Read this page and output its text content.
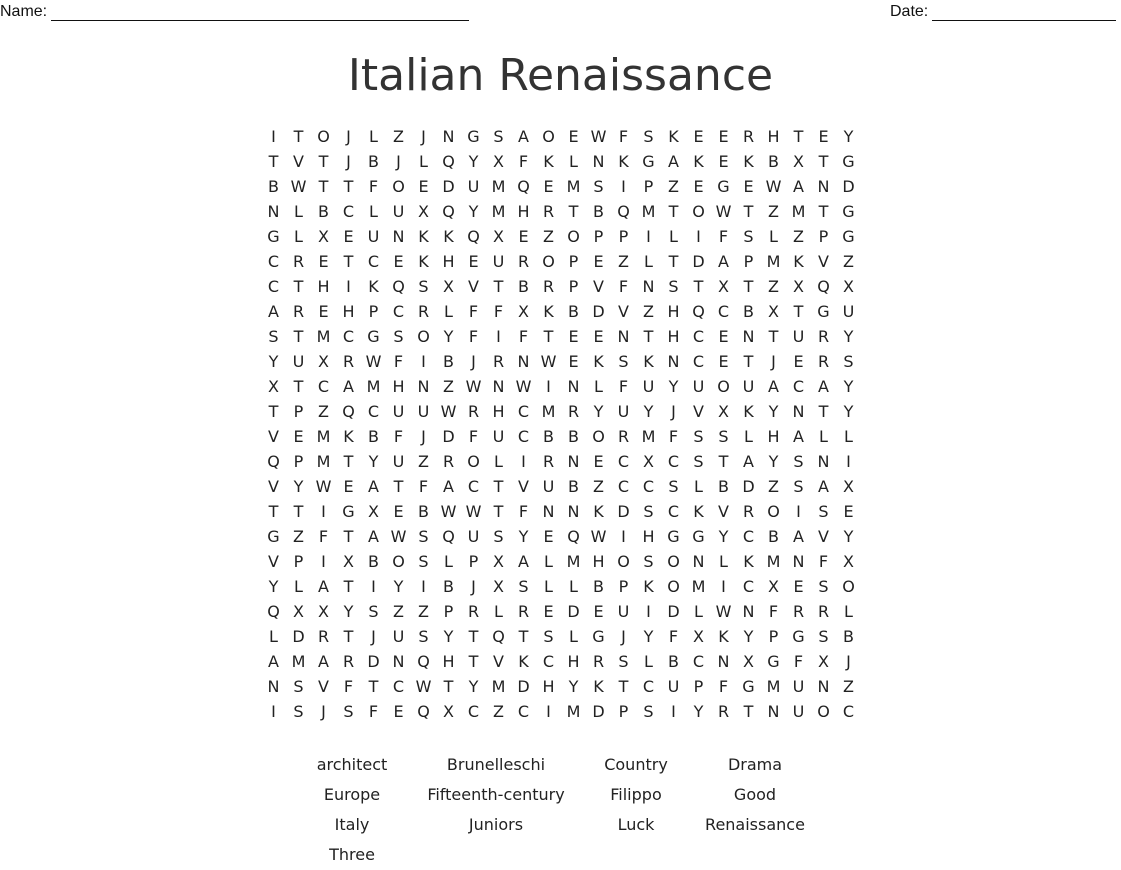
Name:	Date:
Italian Renaissance
I	T O	J	L Z	J	N G S A O E W F S K E E R H T E Y
T V T	J	B	J	L Q Y X F K L N K G A K E K B X T G
B W T T F O E D U M Q E M S	I	P Z E G E W A N D
N L B C L U X Q Y M H R T B Q M T O W T Z M T G
G L X E U N K K Q X E Z O P P	I	L	I	F S L Z P G
C R E T C E K H E U R O P E Z L T D A P M K V Z
C T H	I	K Q S X V T B R P V F N S T X T Z X Q X
A R E H P C R L F F X K B D V Z H Q C B X T G U
S T M C G S O Y F	I	F T E E N T H C E N T U R Y
Y U X R W F	I	B	J	R N W E K S K N C E T	J	E R S
X T C A M H N Z W N W I	N L F U Y U O U A C A Y
T P Z Q C U U W R H C M R Y U Y	J	V X K Y N T Y
V E M K B F	J	D F U C B B O R M F S S L H A L	L
Q P M T Y U Z R O L	I	R N E C X C S T A Y S N	I
V Y W E A T F A C T V U B Z C C S L B D Z S A X
T T	I	G X E B W W T F N N K D S C K V R O	I	S E
G Z F T A W S Q U S Y E Q W I	H G G Y C B A V Y
V P	I	X B O S L P X A L M H O S O N L K M N F X
Y L A T	I	Y	I	B	J	X S L	L B P K O M I	C X E S O
Q X X Y S Z Z P R L R E D E U	I	D L W N F R R L
L D R T	J	U S Y T Q T S L G	J	Y F X K Y P G S B
A M A R D N Q H T V K C H R S L B C N X G F X	J
N S V F T C W T Y M D H Y K T C U P F G M U N Z
I	S	J	S F E Q X C Z C	I M D P S	I	Y R T N U O C
architect	Brunelleschi	Country	Drama
Europe	Fifteenth-century	Filippo	Good
Italy	Juniors	Luck	Renaissance
Three
